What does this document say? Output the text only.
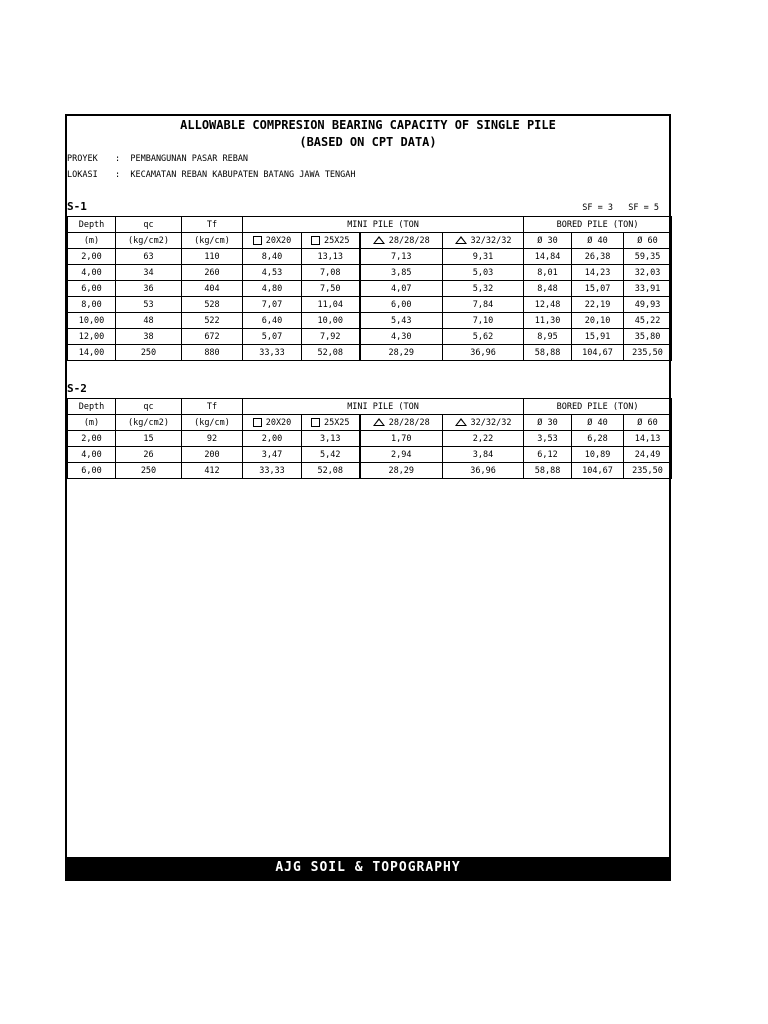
ALLOWABLE COMPRESION BEARING CAPACITY OF SINGLE PILE
(BASED ON CPT DATA)
PROYEK :  PEMBANGUNAN PASAR REBAN
LOKASI :  KECAMATAN REBAN KABUPATEN BATANG JAWA TENGAH
S-1	SF = 3   SF = 5
Depth	qc	Tf	MINI PILE (TON				BORED PILE (TON)		
(m)	(kg/cm2)	(kg/cm)	20X20	25X25	28/28/28	32/32/32	Ø 30	Ø 40	Ø 60
2,00	63	110	8,40	13,13	7,13	9,31	14,84	26,38	59,35
4,00	34	260	4,53	7,08	3,85	5,03	8,01	14,23	32,03
6,00	36	404	4,80	7,50	4,07	5,32	8,48	15,07	33,91
8,00	53	528	7,07	11,04	6,00	7,84	12,48	22,19	49,93
10,00	48	522	6,40	10,00	5,43	7,10	11,30	20,10	45,22
12,00	38	672	5,07	7,92	4,30	5,62	8,95	15,91	35,80
14,00	250	880	33,33	52,08	28,29	36,96	58,88	104,67	235,50
S-2
Depth	qc	Tf	MINI PILE (TON				BORED PILE (TON)		
(m)	(kg/cm2)	(kg/cm)	20X20	25X25	28/28/28	32/32/32	Ø 30	Ø 40	Ø 60
2,00	15	92	2,00	3,13	1,70	2,22	3,53	6,28	14,13
4,00	26	200	3,47	5,42	2,94	3,84	6,12	10,89	24,49
6,00	250	412	33,33	52,08	28,29	36,96	58,88	104,67	235,50
AJG SOIL & TOPOGRAPHY
